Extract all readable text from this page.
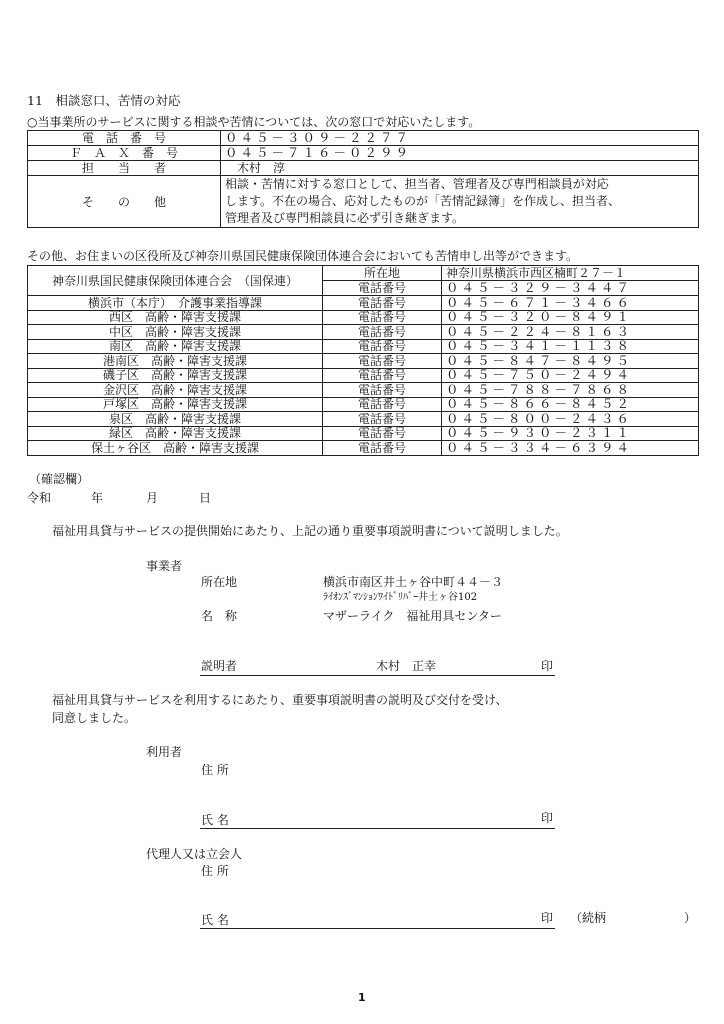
11　相談窓口、苦情の対応
○当事業所のサービスに関する相談や苦情については、次の窓口で対応いたします。
電　話　番　号	０４５－３０９－２２７７
Ｆ　Ａ　Ｘ　番　号	０４５－７１６－０２９９
担　　当　　者	木村　淳
そ　　の　　他	相談・苦情に対する窓口として、担当者、管理者及び専門相談員が対応
します。不在の場合、応対したものが「苦情記録簿」を作成し、担当者、
管理者及び専門相談員に必ず引き継ぎます。
その他、お住まいの区役所及び神奈川県国民健康保険団体連合会においても苦情申し出等ができます。
神奈川県国民健康保険団体連合会　（国保連）	所在地	神奈川県横浜市西区楠町２７－１
	電話番号	０４５－３２９－３４４７
横浜市（本庁）　介護事業指導課	電話番号	０４５－６７１－３４６６
西区　高齢・障害支援課	電話番号	０４５－３２０－８４９１
中区　高齢・障害支援課	電話番号	０４５－２２４－８１６３
南区　高齢・障害支援課	電話番号	０４５－３４１－１１３８
港南区　高齢・障害支援課	電話番号	０４５－８４７－８４９５
磯子区　高齢・障害支援課	電話番号	０４５－７５０－２４９４
金沢区　高齢・障害支援課	電話番号	０４５－７８８－７８６８
戸塚区　高齢・障害支援課	電話番号	０４５－８６６－８４５２
泉区　高齢・障害支援課	電話番号	０４５－８００－２４３６
緑区　高齢・障害支援課	電話番号	０４５－９３０－２３１１
保土ヶ谷区　高齢・障害支援課	電話番号	０４５－３３４－６３９４
（確認欄）
令和	年	月	日
福祉用具貸与サービスの提供開始にあたり、上記の通り重要事項説明書について説明しました。
事業者
所在地	横浜市南区井土ヶ谷中町４４－３
ﾗｲｵﾝｽﾞﾏﾝｼｮﾝﾜｲﾄﾞﾘﾊﾞｰ井土ヶ谷102
名　称	マザーライク　福祉用具センター
説明者	木村　正幸	印
福祉用具貸与サービスを利用するにあたり、重要事項説明書の説明及び交付を受け、
同意しました。
利用者
住 所
氏 名	印
代理人又は立会人
住 所
氏 名	印 （続柄	）
1
